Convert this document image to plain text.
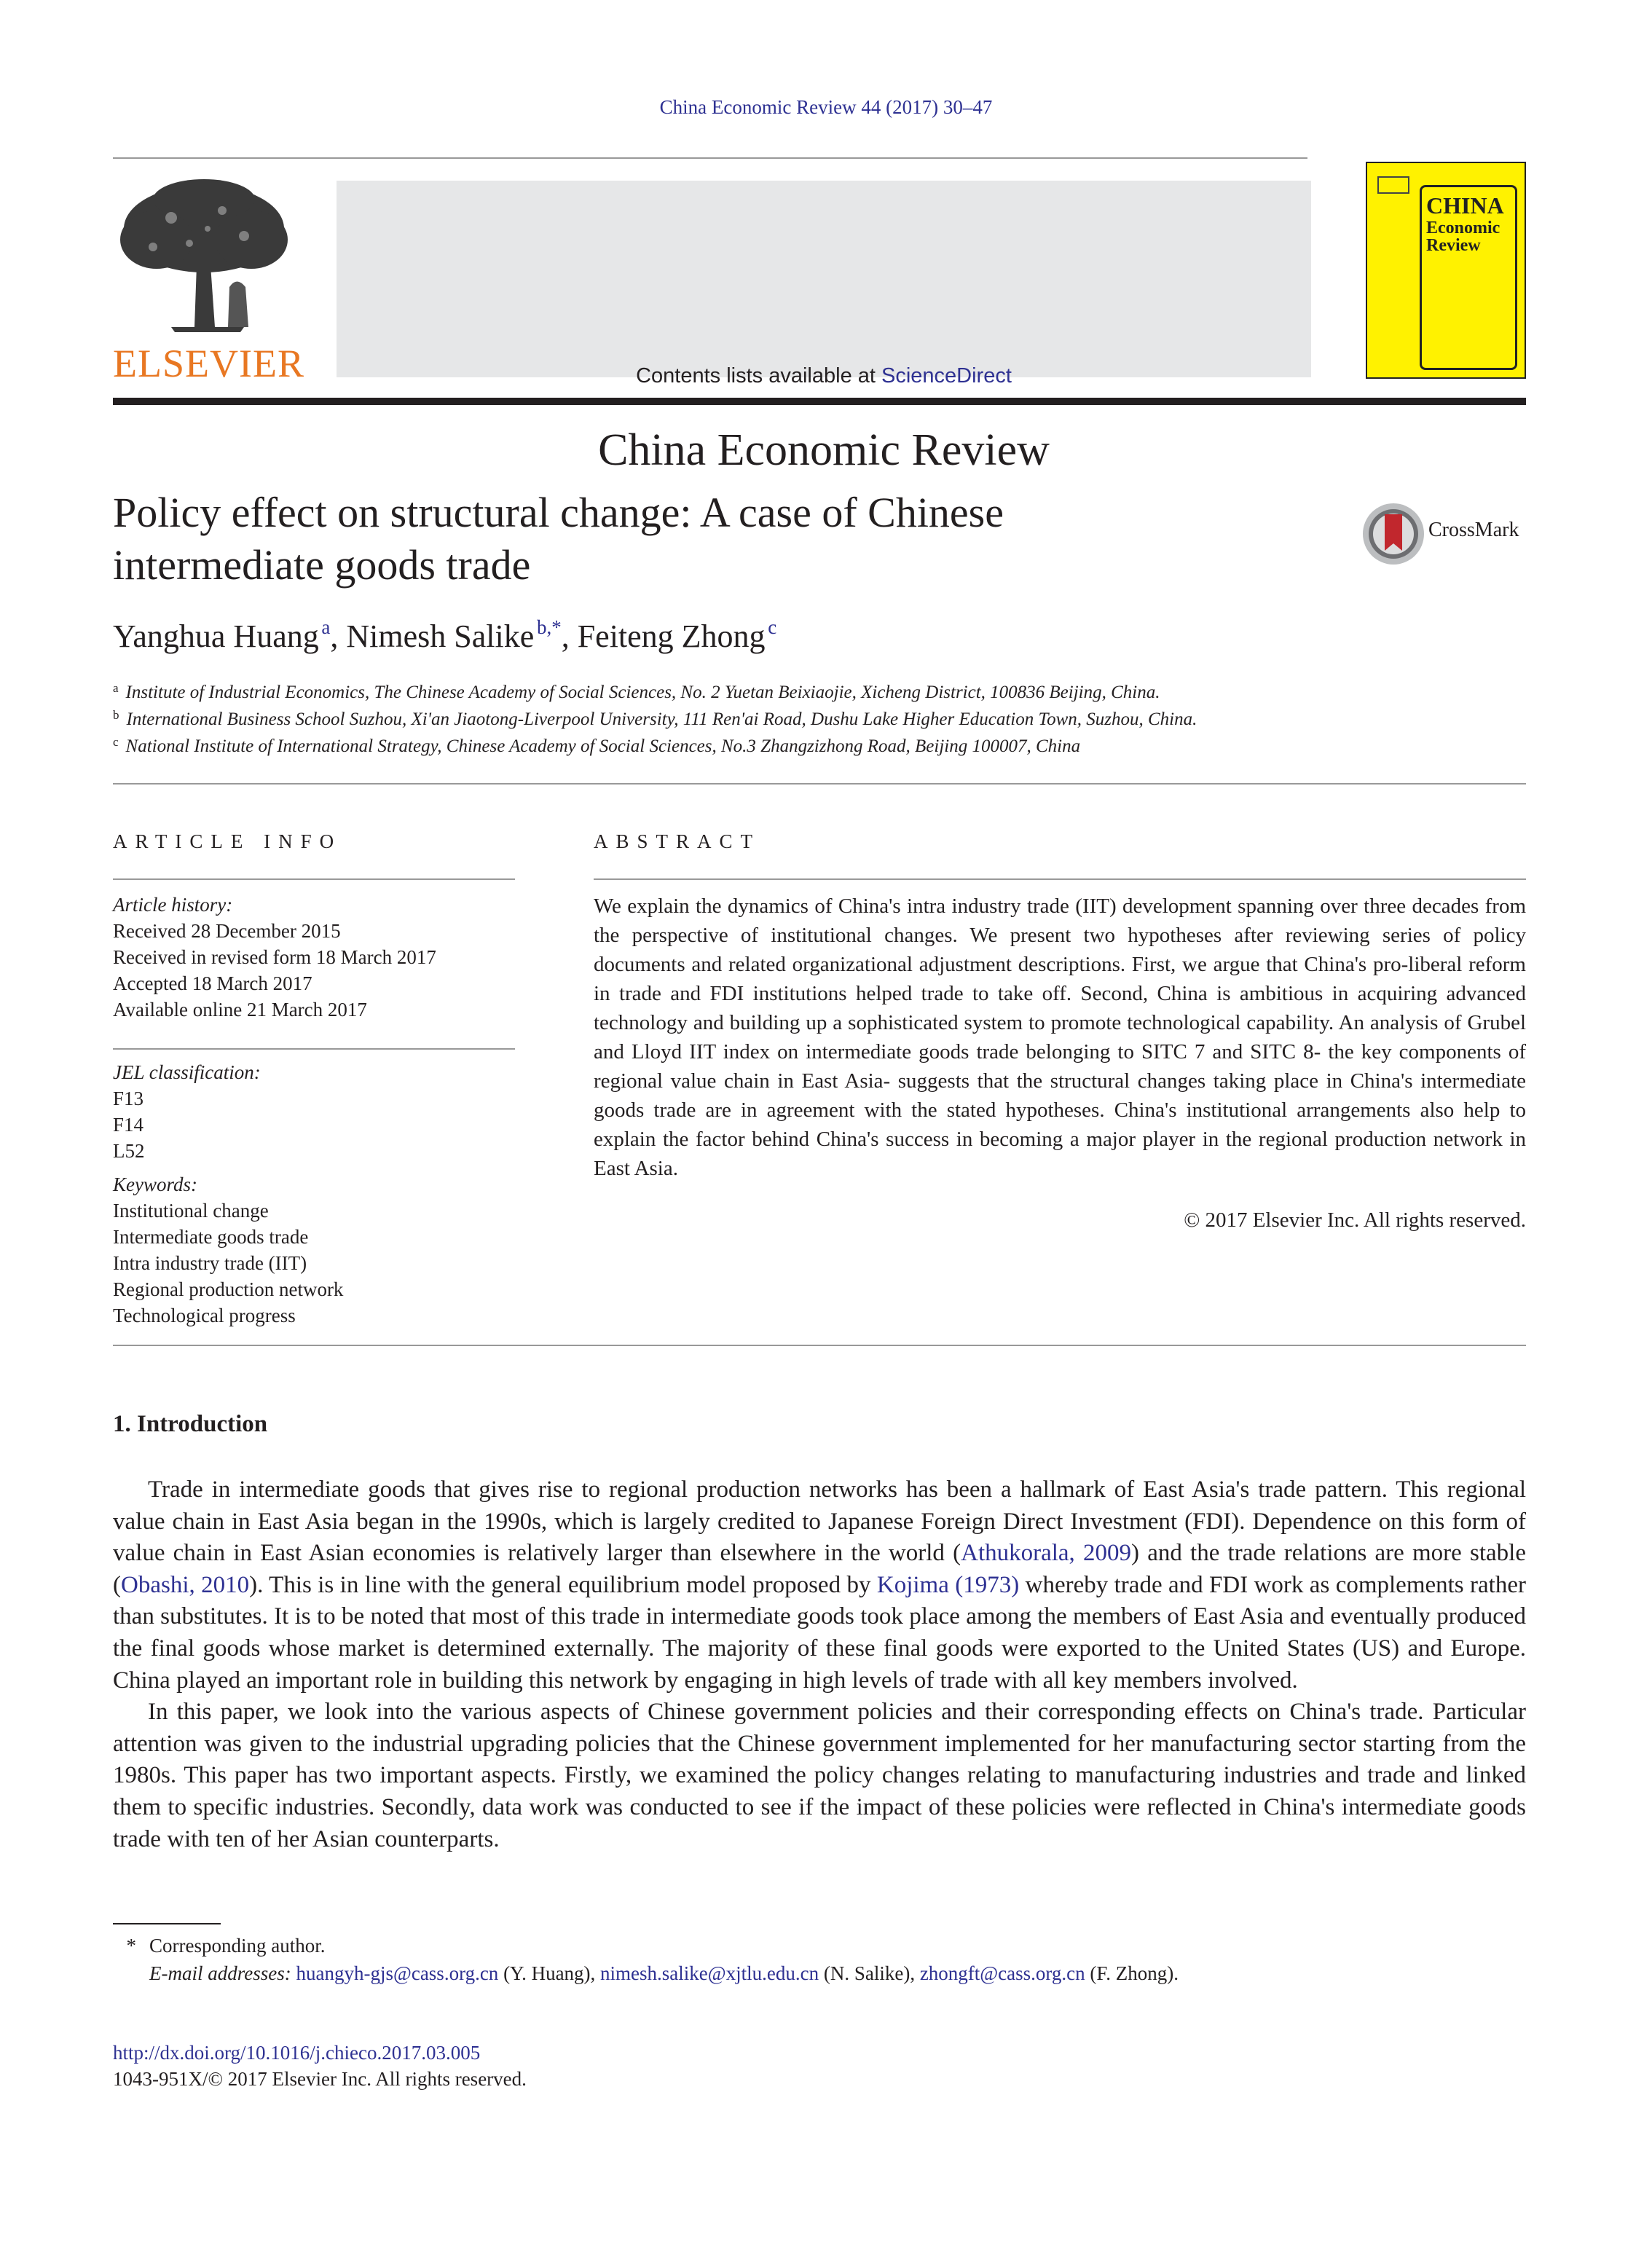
China Economic Review 44 (2017) 30–47
ELSEVIER	Contents lists available at ScienceDirect
China Economic Review
CHINA
Economic
Review
Policy effect on structural change: A case of Chinese
intermediate goods trade
CrossMark
Yanghua Huang  $^a$, Nimesh Salike  $^{b,*}$, Feiteng Zhong  $^c$
$^a$ Institute of Industrial Economics, The Chinese Academy of Social Sciences, No. 2 Yuetan Beixiaojie, Xicheng District, 100836 Beijing, China.
$^b$ International Business School Suzhou, Xi'an Jiaotong-Liverpool University, 111 Ren'ai Road, Dushu Lake Higher Education Town, Suzhou, China.
$^c$ National Institute of International Strategy, Chinese Academy of Social Sciences, No.3 Zhangzizhong Road, Beijing 100007, China
ARTICLE INFO
Article history:
Received 28 December 2015
Received in revised form 18 March 2017
Accepted 18 March 2017
Available online 21 March 2017
JEL classification:
F13
F14
L52
Keywords:
Institutional change
Intermediate goods trade
Intra industry trade (IIT)
Regional production network
Technological progress
ABSTRACT

We explain the dynamics of China's intra industry trade (IIT) development spanning over three decades from the perspective of institutional changes. We present two hypotheses after reviewing series of policy documents and related organizational adjustment descriptions. First, we argue that China's pro-liberal reform in trade and FDI institutions helped trade to take off. Second, China is ambitious in acquiring advanced technology and building up a sophisticated system to promote technological capability. An analysis of Grubel and Lloyd IIT index on intermediate goods trade belonging to SITC 7 and SITC 8- the key components of regional value chain in East Asia- suggests that the structural changes taking place in China's intermediate goods trade are in agreement with the stated hypotheses. China's institutional arrangements also help to explain the factor behind China's success in becoming a major player in the regional production network in East Asia.

© 2017 Elsevier Inc. All rights reserved.
1. Introduction

Trade in intermediate goods that gives rise to regional production networks has been a hallmark of East Asia's trade pattern. This regional value chain in East Asia began in the 1990s, which is largely credited to Japanese Foreign Direct Investment (FDI). Dependence on this form of value chain in East Asian economies is relatively larger than elsewhere in the world (Athukorala, 2009) and the trade relations are more stable (Obashi, 2010). This is in line with the general equilibrium model proposed by Kojima (1973) whereby trade and FDI work as complements rather than substitutes. It is to be noted that most of this trade in intermediate goods took place among the members of East Asia and eventually produced the final goods whose market is determined externally. The majority of these final goods were exported to the United States (US) and Europe. China played an important role in building this network by engaging in high levels of trade with all key members involved.

In this paper, we look into the various aspects of Chinese government policies and their corresponding effects on China's trade. Particular attention was given to the industrial upgrading policies that the Chinese government implemented for her manufacturing sector starting from the 1980s. This paper has two important aspects. Firstly, we examined the policy changes relating to manufacturing industries and trade and linked them to specific industries. Secondly, data work was conducted to see if the impact of these policies were reflected in China's intermediate goods trade with ten of her Asian counterparts.

* Corresponding author.
E-mail addresses: huangyh-gjs@cass.org.cn (Y. Huang), nimesh.salike@xjtlu.edu.cn (N. Salike), zhongft@cass.org.cn (F. Zhong).
http://dx.doi.org/10.1016/j.chieco.2017.03.005
1043-951X/© 2017 Elsevier Inc. All rights reserved.
